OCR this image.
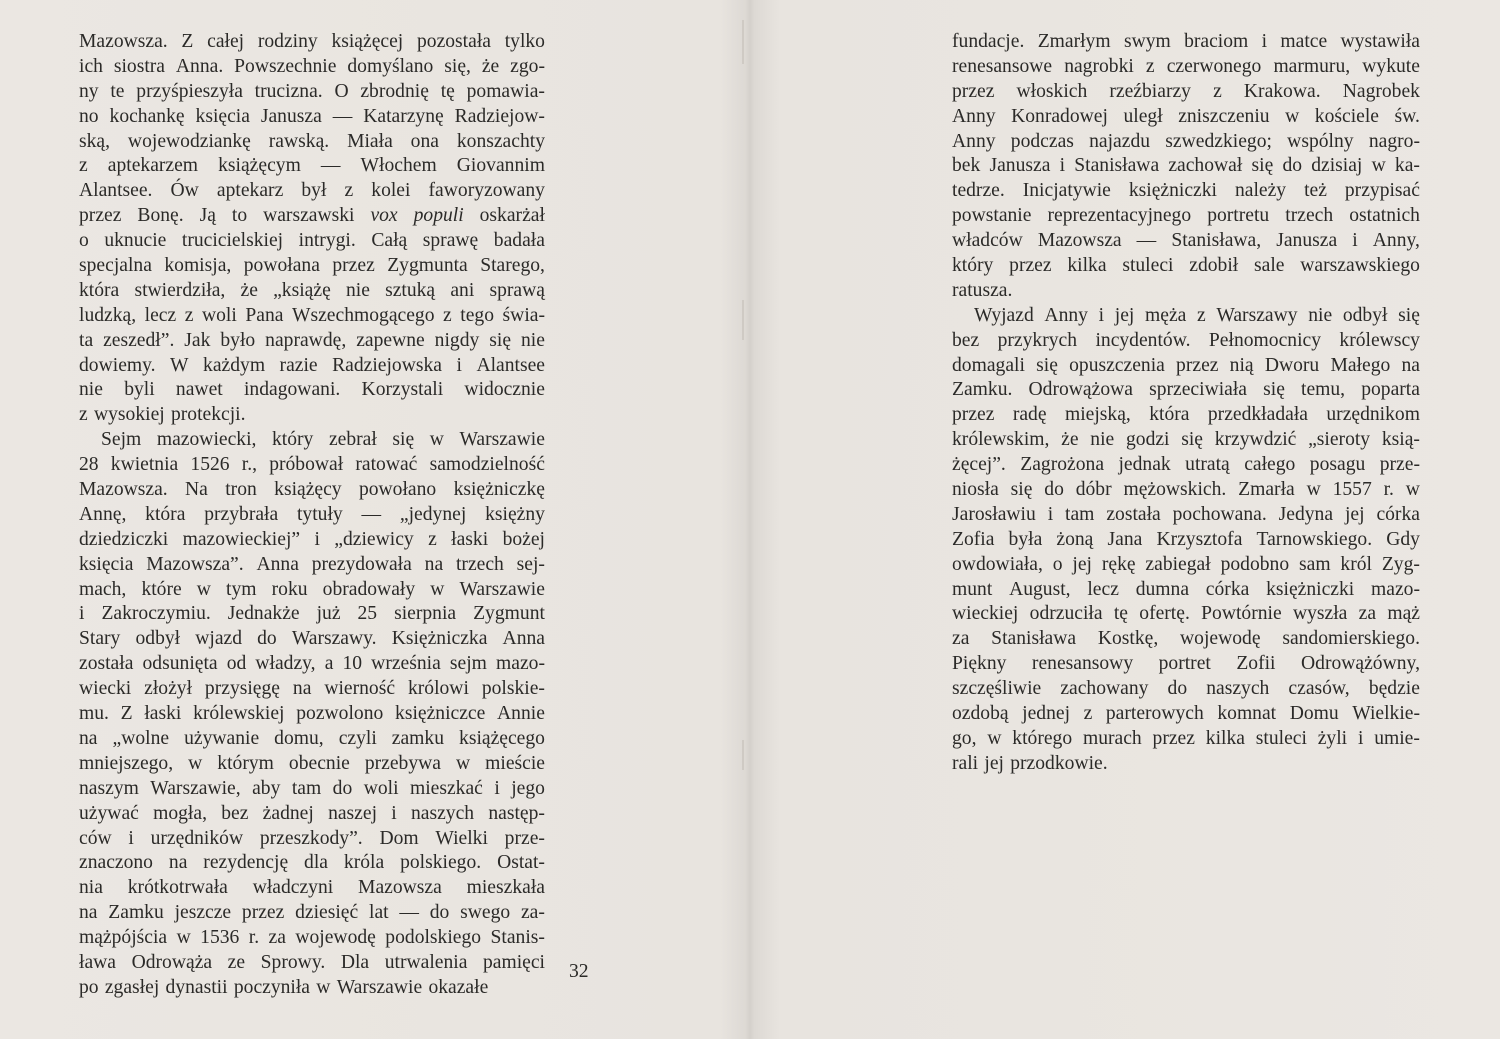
Mazowsza. Z całej rodziny książęcej pozostała tylko
ich siostra Anna. Powszechnie domyślano się, że zgo-
ny te przyśpieszyła trucizna. O zbrodnię tę pomawia-
no kochankę księcia Janusza — Katarzynę Radziejow-
ską, wojewodziankę rawską. Miała ona konszachty
z aptekarzem książęcym — Włochem Giovannim
Alantsee. Ów aptekarz był z kolei faworyzowany
przez Bonę. Ją to warszawski vox populi oskarżał
o uknucie trucicielskiej intrygi. Całą sprawę badała
specjalna komisja, powołana przez Zygmunta Starego,
która stwierdziła, że „książę nie sztuką ani sprawą
ludzką, lecz z woli Pana Wszechmogącego z tego świa-
ta zeszedł”. Jak było naprawdę, zapewne nigdy się nie
dowiemy. W każdym razie Radziejowska i Alantsee
nie byli nawet indagowani. Korzystali widocznie
z wysokiej protekcji.
Sejm mazowiecki, który zebrał się w Warszawie
28 kwietnia 1526 r., próbował ratować samodzielność
Mazowsza. Na tron książęcy powołano księżniczkę
Annę, która przybrała tytuły — „jedynej księżny
dziedziczki mazowieckiej” i „dziewicy z łaski bożej
księcia Mazowsza”. Anna prezydowała na trzech sej-
mach, które w tym roku obradowały w Warszawie
i Zakroczymiu. Jednakże już 25 sierpnia Zygmunt
Stary odbył wjazd do Warszawy. Księżniczka Anna
została odsunięta od władzy, a 10 września sejm mazo-
wiecki złożył przysięgę na wierność królowi polskie-
mu. Z łaski królewskiej pozwolono księżniczce Annie
na „wolne używanie domu, czyli zamku książęcego
mniejszego, w którym obecnie przebywa w mieście
naszym Warszawie, aby tam do woli mieszkać i jego
używać mogła, bez żadnej naszej i naszych następ-
ców i urzędników przeszkody”. Dom Wielki prze-
znaczono na rezydencję dla króla polskiego. Ostat-
nia krótkotrwała władczyni Mazowsza mieszkała
na Zamku jeszcze przez dziesięć lat — do swego za-
mążpójścia w 1536 r. za wojewodę podolskiego Stanis-
ława Odrowąża ze Sprowy. Dla utrwalenia pamięci
po zgasłej dynastii poczyniła w Warszawie okazałe
32
fundacje. Zmarłym swym braciom i matce wystawiła
renesansowe nagrobki z czerwonego marmuru, wykute
przez włoskich rzeźbiarzy z Krakowa. Nagrobek
Anny Konradowej uległ zniszczeniu w kościele św.
Anny podczas najazdu szwedzkiego; wspólny nagro-
bek Janusza i Stanisława zachował się do dzisiaj w ka-
tedrze. Inicjatywie księżniczki należy też przypisać
powstanie reprezentacyjnego portretu trzech ostatnich
władców Mazowsza — Stanisława, Janusza i Anny,
który przez kilka stuleci zdobił sale warszawskiego
ratusza.
Wyjazd Anny i jej męża z Warszawy nie odbył się
bez przykrych incydentów. Pełnomocnicy królewscy
domagali się opuszczenia przez nią Dworu Małego na
Zamku. Odrowążowa sprzeciwiała się temu, poparta
przez radę miejską, która przedkładała urzędnikom
królewskim, że nie godzi się krzywdzić „sieroty ksią-
żęcej”. Zagrożona jednak utratą całego posagu prze-
niosła się do dóbr mężowskich. Zmarła w 1557 r. w
Jarosławiu i tam została pochowana. Jedyna jej córka
Zofia była żoną Jana Krzysztofa Tarnowskiego. Gdy
owdowiała, o jej rękę zabiegał podobno sam król Zyg-
munt August, lecz dumna córka księżniczki mazo-
wieckiej odrzuciła tę ofertę. Powtórnie wyszła za mąż
za Stanisława Kostkę, wojewodę sandomierskiego.
Piękny renesansowy portret Zofii Odrowążówny,
szczęśliwie zachowany do naszych czasów, będzie
ozdobą jednej z parterowych komnat Domu Wielkie-
go, w którego murach przez kilka stuleci żyli i umie-
rali jej przodkowie.
